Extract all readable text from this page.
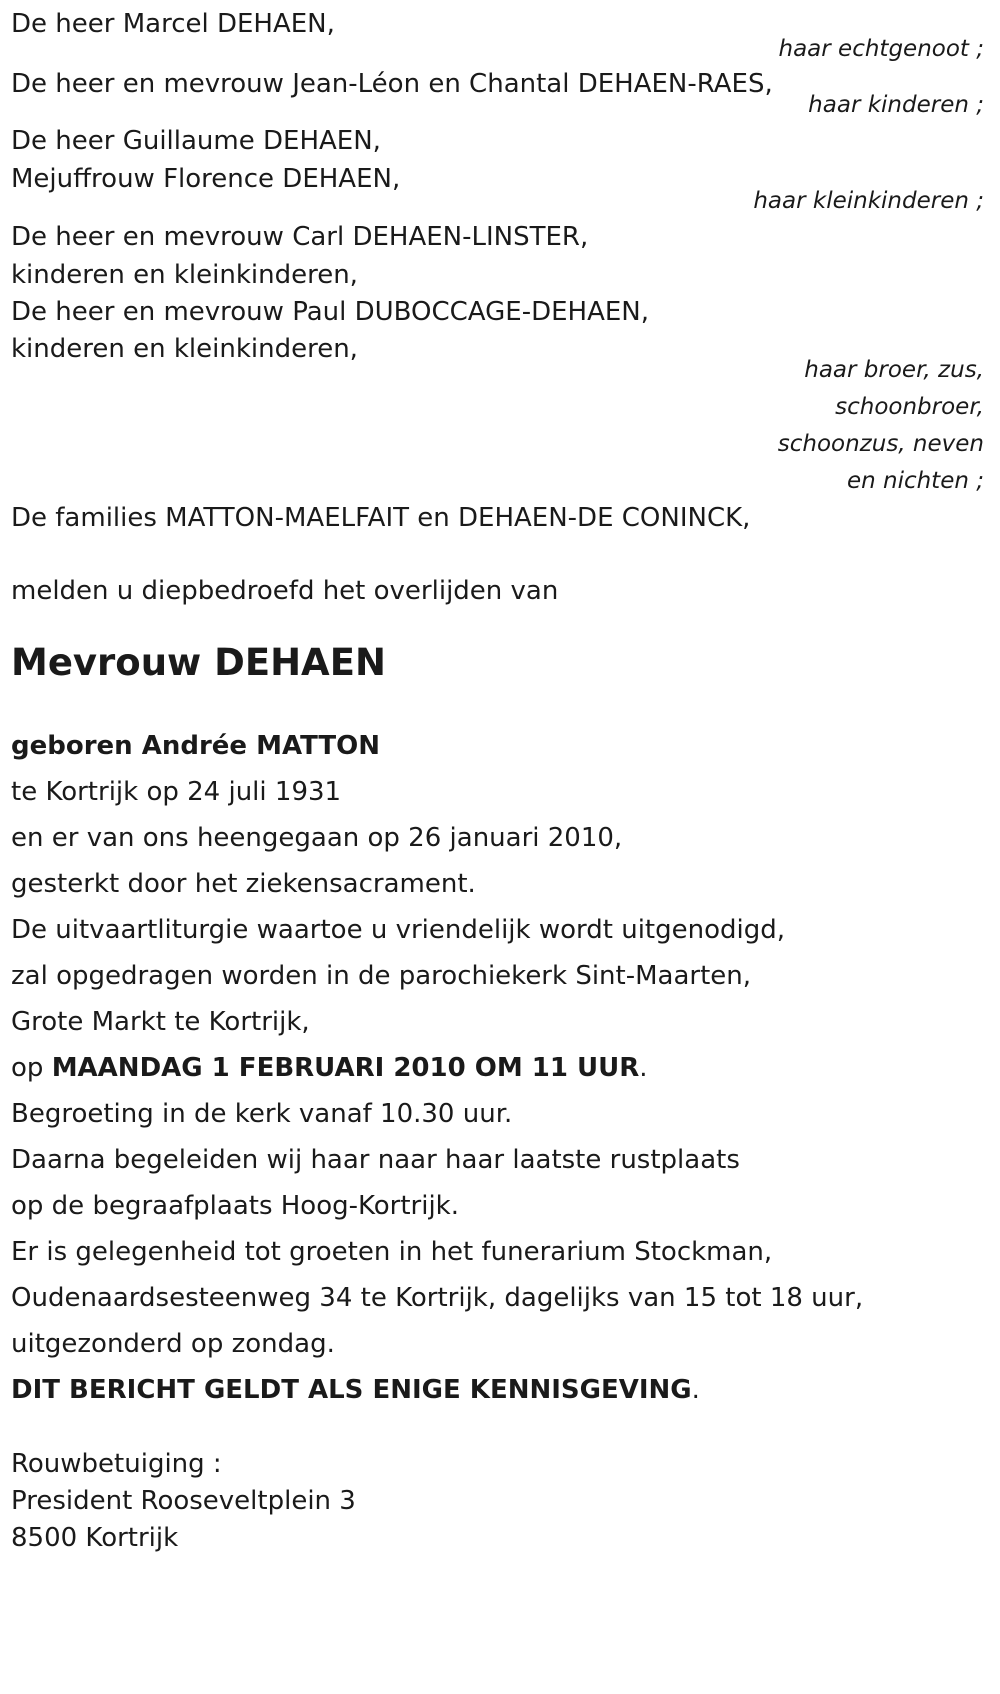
De heer Marcel DEHAEN,
haar echtgenoot ;
De heer en mevrouw Jean-Léon en Chantal DEHAEN-RAES,
haar kinderen ;
De heer Guillaume DEHAEN,
Mejuffrouw Florence DEHAEN,
haar kleinkinderen ;
De heer en mevrouw Carl DEHAEN-LINSTER,
kinderen en kleinkinderen,
De heer en mevrouw Paul DUBOCCAGE-DEHAEN,
kinderen en kleinkinderen,
haar broer, zus,
schoonbroer,
schoonzus, neven
en nichten ;
De families MATTON-MAELFAIT en DEHAEN-DE CONINCK,
melden u diepbedroefd het overlijden van
Mevrouw DEHAEN
geboren Andrée MATTON
te Kortrijk op 24 juli 1931
en er van ons heengegaan op 26 januari 2010,
gesterkt door het ziekensacrament.
De uitvaartliturgie waartoe u vriendelijk wordt uitgenodigd,
zal opgedragen worden in de parochiekerk Sint-Maarten,
Grote Markt te Kortrijk,
op MAANDAG 1 FEBRUARI 2010 OM 11 UUR.
Begroeting in de kerk vanaf 10.30 uur.
Daarna begeleiden wij haar naar haar laatste rustplaats
op de begraafplaats Hoog-Kortrijk.
Er is gelegenheid tot groeten in het funerarium Stockman,
Oudenaardsesteenweg 34 te Kortrijk, dagelijks van 15 tot 18 uur,
uitgezonderd op zondag.
DIT BERICHT GELDT ALS ENIGE KENNISGEVING.
Rouwbetuiging :
President Rooseveltplein 3
8500 Kortrijk
